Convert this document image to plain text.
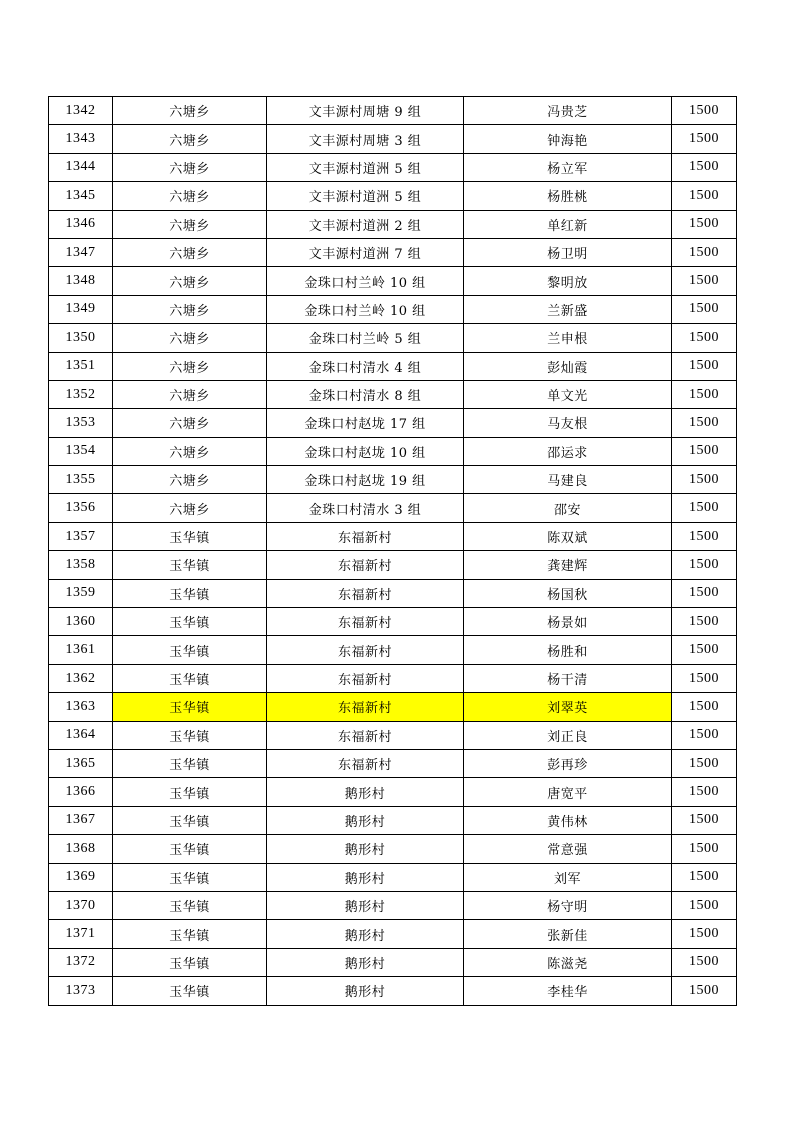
1342	六塘乡	文丰源村周塘 9 组	冯贵芝	1500
1343	六塘乡	文丰源村周塘 3 组	钟海艳	1500
1344	六塘乡	文丰源村道洲 5 组	杨立军	1500
1345	六塘乡	文丰源村道洲 5 组	杨胜桃	1500
1346	六塘乡	文丰源村道洲 2 组	单红新	1500
1347	六塘乡	文丰源村道洲 7 组	杨卫明	1500
1348	六塘乡	金珠口村兰岭 10 组	黎明放	1500
1349	六塘乡	金珠口村兰岭 10 组	兰新盛	1500
1350	六塘乡	金珠口村兰岭 5 组	兰申根	1500
1351	六塘乡	金珠口村清水 4 组	彭灿霞	1500
1352	六塘乡	金珠口村清水 8 组	单文光	1500
1353	六塘乡	金珠口村赵垅 17 组	马友根	1500
1354	六塘乡	金珠口村赵垅 10 组	邵运求	1500
1355	六塘乡	金珠口村赵垅 19 组	马建良	1500
1356	六塘乡	金珠口村清水 3 组	邵安	1500
1357	玉华镇	东福新村	陈双斌	1500
1358	玉华镇	东福新村	龚建辉	1500
1359	玉华镇	东福新村	杨国秋	1500
1360	玉华镇	东福新村	杨景如	1500
1361	玉华镇	东福新村	杨胜和	1500
1362	玉华镇	东福新村	杨干清	1500
1363	玉华镇	东福新村	刘翠英	1500
1364	玉华镇	东福新村	刘正良	1500
1365	玉华镇	东福新村	彭再珍	1500
1366	玉华镇	鹅形村	唐宽平	1500
1367	玉华镇	鹅形村	黄伟林	1500
1368	玉华镇	鹅形村	常意强	1500
1369	玉华镇	鹅形村	刘军	1500
1370	玉华镇	鹅形村	杨守明	1500
1371	玉华镇	鹅形村	张新佳	1500
1372	玉华镇	鹅形村	陈滋尧	1500
1373	玉华镇	鹅形村	李桂华	1500
